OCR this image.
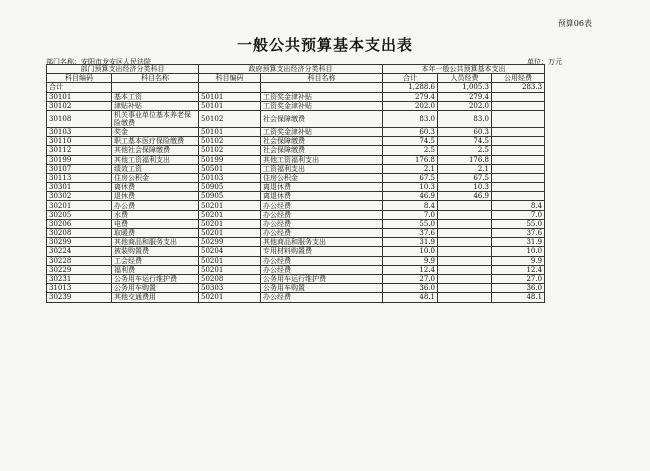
预算06表
一般公共预算基本支出表
部门名称：安阳市龙安区人民法院	单位：万元
部门预算支出经济分类科目		政府预算支出经济分类科目		本年一般公共预算基本支出		
科目编码	科目名称	科目编码	科目名称	合计	人员经费	公用经费
合计				1,288.6	1,005.3	283.3
30101	基本工资	50101	工资奖金津补贴	279.4	279.4	
30102	津贴补贴	50101	工资奖金津补贴	202.0	202.0	
30108	机关事业单位基本养老保险缴费	50102	社会保障缴费	83.0	83.0	
30103	奖金	50101	工资奖金津补贴	60.3	60.3	
30110	职工基本医疗保险缴费	50102	社会保障缴费	74.5	74.5	
30112	其他社会保障缴费	50102	社会保障缴费	2.5	2.5	
30199	其他工资福利支出	50199	其他工资福利支出	176.8	176.8	
30107	绩效工资	50501	工资福利支出	2.1	2.1	
30113	住房公积金	50103	住房公积金	67.5	67.5	
30301	离休费	50905	离退休费	10.3	10.3	
30302	退休费	50905	离退休费	46.9	46.9	
30201	办公费	50201	办公经费	8.4		8.4
30205	水费	50201	办公经费	7.0		7.0
30206	电费	50201	办公经费	55.0		55.0
30208	取暖费	50201	办公经费	37.6		37.6
30299	其他商品和服务支出	50299	其他商品和服务支出	31.9		31.9
30224	被装购置费	50204	专用材料购置费	10.0		10.0
30228	工会经费	50201	办公经费	9.9		9.9
30229	福利费	50201	办公经费	12.4		12.4
30231	公务用车运行维护费	50208	公务用车运行维护费	27.0		27.0
31013	公务用车购置	50303	公务用车购置	36.0		36.0
30239	其他交通费用	50201	办公经费	48.1		48.1
